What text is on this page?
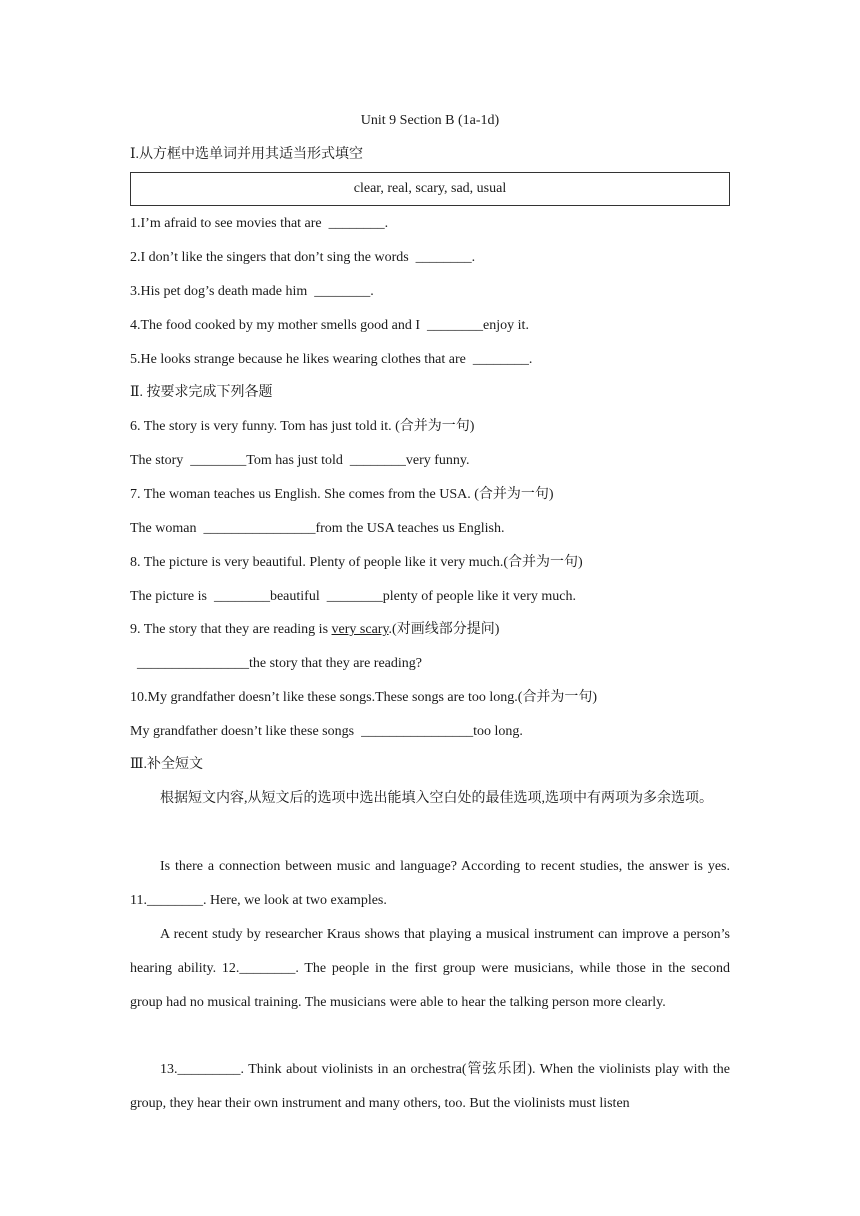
Unit 9 Section B (1a-1d)
Ⅰ.从方框中选单词并用其适当形式填空
clear, real, scary, sad, usual
1.I’m afraid to see movies that are  ________.
2.I don’t like the singers that don’t sing the words  ________.
3.His pet dog’s death made him  ________.
4.The food cooked by my mother smells good and I  ________enjoy it.
5.He looks strange because he likes wearing clothes that are  ________.
Ⅱ. 按要求完成下列各题
6. The story is very funny. Tom has just told it. (合并为一句)
The story  ________Tom has just told  ________very funny.
7. The woman teaches us English. She comes from the USA. (合并为一句)
The woman  ________________from the USA teaches us English.
8. The picture is very beautiful. Plenty of people like it very much.(合并为一句)
The picture is  ________beautiful  ________plenty of people like it very much.
9. The story that they are reading is very scary.(对画线部分提问)
________________the story that they are reading?
10.My grandfather doesn’t like these songs.These songs are too long.(合并为一句)
My grandfather doesn’t like these songs  ________________too long.
Ⅲ.补全短文
根据短文内容,从短文后的选项中选出能填入空白处的最佳选项,选项中有两项为多余选项。
Is there a connection between music and language? According to recent studies, the answer is yes. 11.________. Here, we look at two examples.
A recent study by researcher Kraus shows that playing a musical instrument can improve a person’s hearing ability. 12.________. The people in the first group were musicians, while those in the second group had no musical training. The musicians were able to hear the talking person more clearly.
13._________. Think about violinists in an orchestra(管弦乐团). When the violinists play with the group, they hear their own instrument and many others, too. But the violinists must listen
